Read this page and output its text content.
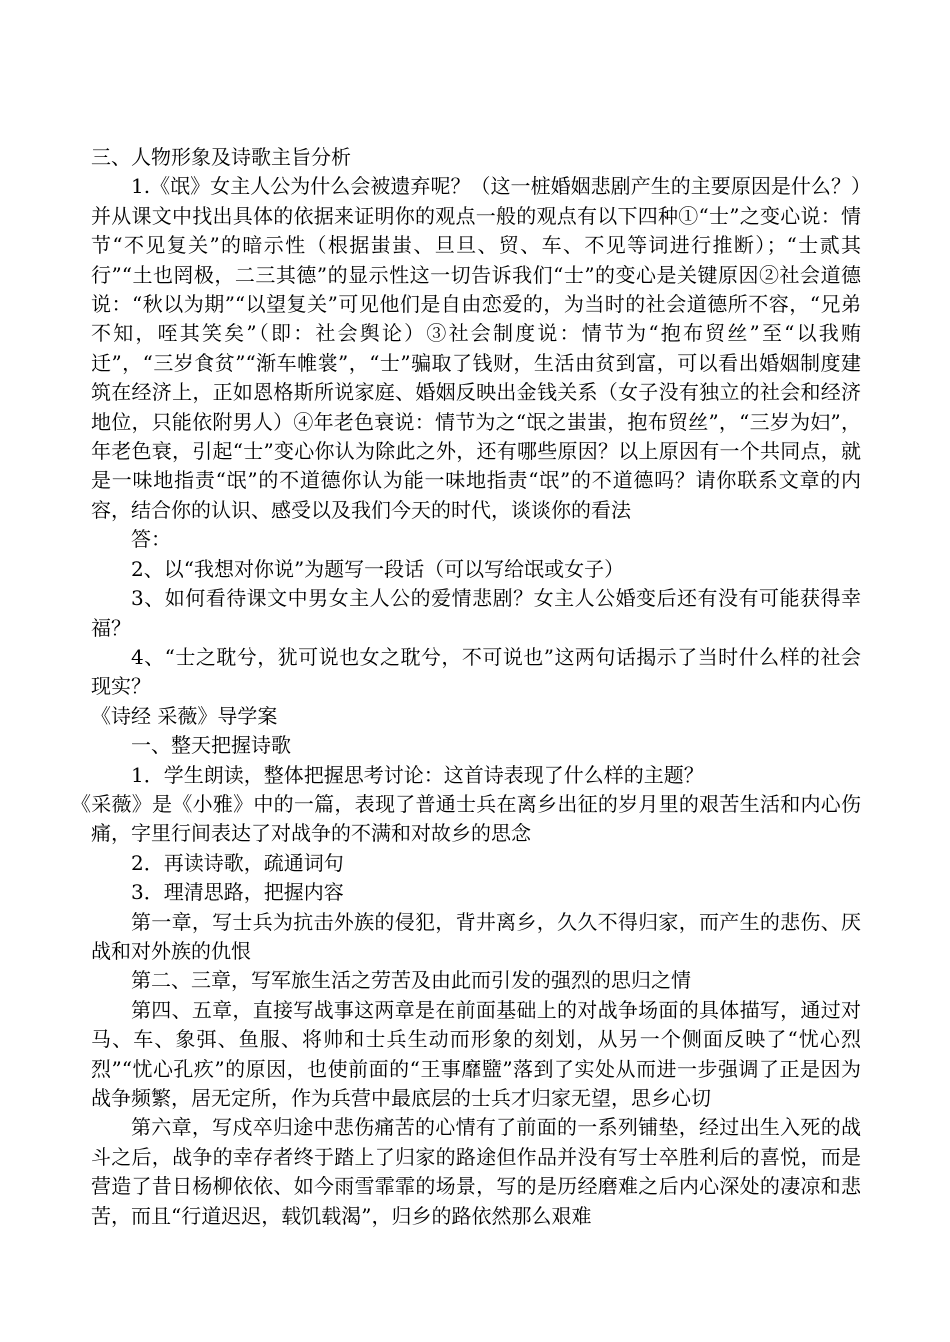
三、人物形象及诗歌主旨分析

1.《氓》女主人公为什么会被遗弃呢？（这一桩婚姻悲剧产生的主要原因是什么？）并从课文中找出具体的依据来证明你的观点一般的观点有以下四种①“士”之变心说：情节“不见复关”的暗示性（根据蚩蚩、旦旦、贸、车、不见等词进行推断）；“士贰其行”“土也罔极，二三其德”的显示性这一切告诉我们“士”的变心是关键原因②社会道德说：“秋以为期”“以望复关”可见他们是自由恋爱的，为当时的社会道德所不容，“兄弟不知，咥其笑矣”（即：社会舆论）③社会制度说：情节为“抱布贸丝”至“以我贿迁”，“三岁食贫”“渐车帷裳”，“士”骗取了钱财，生活由贫到富，可以看出婚姻制度建筑在经济上，正如恩格斯所说家庭、婚姻反映出金钱关系（女子没有独立的社会和经济地位，只能依附男人）④年老色衰说：情节为之“氓之蚩蚩，抱布贸丝”，“三岁为妇”，年老色衰，引起“士”变心你认为除此之外，还有哪些原因？以上原因有一个共同点，就是一味地指责“氓”的不道德你认为能一味地指责“氓”的不道德吗？请你联系文章的内容，结合你的认识、感受以及我们今天的时代，谈谈你的看法

答：

2、以“我想对你说”为题写一段话（可以写给氓或女子）

3、如何看待课文中男女主人公的爱情悲剧？女主人公婚变后还有没有可能获得幸福？

4、“士之耽兮，犹可说也女之耽兮，不可说也”这两句话揭示了当时什么样的社会现实？

《诗经 采薇》导学案

一、整天把握诗歌

1．学生朗读，整体把握思考讨论：这首诗表现了什么样的主题？

《采薇》是《小雅》中的一篇，表现了普通士兵在离乡出征的岁月里的艰苦生活和内心伤痛，字里行间表达了对战争的不满和对故乡的思念

2．再读诗歌，疏通词句

3．理清思路，把握内容

第一章，写士兵为抗击外族的侵犯，背井离乡，久久不得归家，而产生的悲伤、厌战和对外族的仇恨

第二、三章，写军旅生活之劳苦及由此而引发的强烈的思归之情

第四、五章，直接写战事这两章是在前面基础上的对战争场面的具体描写，通过对马、车、象弭、鱼服、将帅和士兵生动而形象的刻划，从另一个侧面反映了“忧心烈烈”“忧心孔疚”的原因，也使前面的“王事靡盬”落到了实处从而进一步强调了正是因为战争频繁，居无定所，作为兵营中最底层的士兵才归家无望，思乡心切

第六章，写戍卒归途中悲伤痛苦的心情有了前面的一系列铺垫，经过出生入死的战斗之后，战争的幸存者终于踏上了归家的路途但作品并没有写士卒胜利后的喜悦，而是营造了昔日杨柳依依、如今雨雪霏霏的场景，写的是历经磨难之后内心深处的凄凉和悲苦，而且“行道迟迟，载饥载渴”，归乡的路依然那么艰难
